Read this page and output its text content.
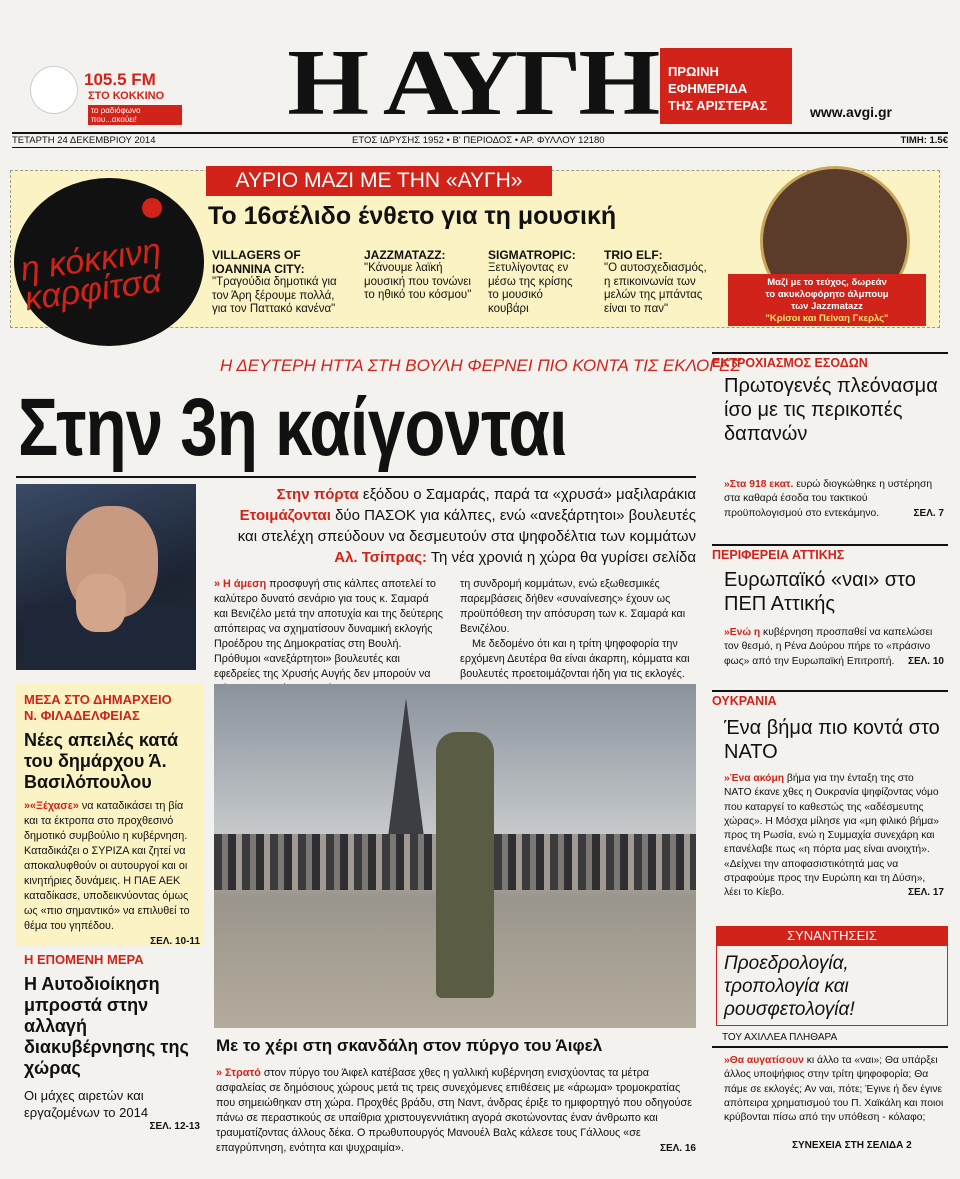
105.5 FM
ΣΤΟ ΚΟΚΚΙΝΟ
το ραδιόφωνο που...ακούει!	Η ΑΥΓΗ ΠΡΩΙΝΗ
ΕΦΗΜΕΡΙΔΑ
ΤΗΣ ΑΡΙΣΤΕΡΑΣ	www.avgi.gr
ΤΕΤΑΡΤΗ 24 ΔΕΚΕΜΒΡΙΟΥ 2014	ΕΤΟΣ ΙΔΡΥΣΗΣ 1952 • Β' ΠΕΡΙΟΔΟΣ • ΑΡ. ΦΥΛΛΟΥ 12180	ΤΙΜΗ: 1.5€
η κόκκινη καρφίτσα
ΑΥΡΙΟ ΜΑΖΙ ΜΕ ΤΗΝ «ΑΥΓΗ»
Το 16σέλιδο ένθετο για τη μουσική
VILLAGERS OF IOANNINA CITY:
"Τραγούδια δημοτικά για τον Άρη ξέρουμε πολλά, για τον Παττακό κανένα"
JAZZMATAZZ:
"Κάνουμε λαϊκή μουσική που τονώνει το ηθικό του κόσμου"
SIGMATROPIC:
Ξετυλίγοντας εν μέσω της κρίσης το μουσικό κουβάρι
TRIO ELF:
"Ο αυτοσχεδιασμός, η επικοινωνία των μελών της μπάντας είναι το παν"
Μαζί με το τεύχος, δωρεάν
το ακυκλοφόρητο άλμπουμ
των Jazzmatazz
"Κρίσοι και Πείναη Γκερλς"
Η ΔΕΥΤΕΡΗ ΗΤΤΑ ΣΤΗ ΒΟΥΛΗ ΦΕΡΝΕΙ ΠΙΟ ΚΟΝΤΑ ΤΙΣ ΕΚΛΟΓΕΣ
Στην 3η καίγονται
Στην πόρτα εξόδου ο Σαμαράς, παρά τα «χρυσά» μαξιλαράκια
Ετοιμάζονται δύο ΠΑΣΟΚ για κάλπες, ενώ «ανεξάρτητοι» βουλευτές
και στελέχη σπεύδουν να δεσμευτούν στα ψηφοδέλτια των κομμάτων
Αλ. Τσίπρας: Τη νέα χρονιά η χώρα θα γυρίσει σελίδα
» Η άμεση προσφυγή στις κάλπες αποτελεί το καλύτερο δυνατό σενάριο για τους κ. Σαμαρά και Βενιζέλο μετά την αποτυχία και της δεύτερης απόπειρας να σχηματίσουν δυναμική εκλογής Προέδρου της Δημοκρατίας στη Βουλή. Πρόθυμοι «ανεξάρτητοι» βουλευτές και εφεδρείες της Χρυσής Αυγής δεν μπορούν να
τη συνδρομή κομμάτων, ενώ εξωθεσμικές παρεμβάσεις δήθεν «συναίνεσης» έχουν ως προϋπόθεση την απόσυρση των κ. Σαμαρά και Βενιζέλου.
Με δεδομένο ότι και η τρίτη ψηφοφορία την ερχόμενη Δευτέρα θα είναι άκαρπη, κόμματα και βουλευτές προετοιμάζονται ήδη για τις εκλογές.
Με το χέρι στη σκανδάλη στον πύργο του Άιφελ
» Στρατό στον πύργο του Άιφελ κατέβασε χθες η γαλλική κυβέρνηση ενισχύοντας τα μέτρα ασφαλείας σε δημόσιους χώρους μετά τις τρεις συνεχόμενες επιθέσεις με «άρωμα» τρομοκρατίας που σημειώθηκαν στη χώρα. Προχθές βράδυ, στη Ναντ, άνδρας έριξε το ημιφορτηγό που οδηγούσε πάνω σε περαστικούς σε υπαίθρια χριστουγεννιάτικη αγορά σκοτώνοντας έναν άνθρωπο και τραυματίζοντας άλλους δέκα. Ο πρωθυπουργός Μανουέλ Βαλς κάλεσε τους Γάλλους «σε επαγρύπνηση, ενότητα και ψυχραιμία».	ΣΕΛ. 16
ΜΕΣΑ ΣΤΟ ΔΗΜΑΡΧΕΙΟ
Ν. ΦΙΛΑΔΕΛΦΕΙΑΣ
Νέες απειλές κατά του δημάρχου Ά. Βασιλόπουλου
»«Ξέχασε» να καταδικάσει τη βία και τα έκτροπα στο προχθεσινό δημοτικό συμβούλιο η κυβέρνηση. Καταδικάζει ο ΣΥΡΙΖΑ και ζητεί να αποκαλυφθούν οι αυτουργοί και οι κινητήριες δυνάμεις. Η ΠΑΕ ΑΕΚ καταδίκασε, υποδεικνύοντας όμως ως «πιο σημαντικό» να επιλυθεί το θέμα του γηπέδου.
ΣΕΛ. 10-11
Η ΕΠΟΜΕΝΗ ΜΕΡΑ
Η Αυτοδιοίκηση μπροστά στην αλλαγή διακυβέρνησης της χώρας
Οι μάχες αιρετών και εργαζομένων το 2014
ΣΕΛ. 12-13
ΕΚΤΡΟΧΙΑΣΜΟΣ ΕΣΟΔΩΝ
Πρωτογενές πλεόνασμα ίσο με τις περικοπές δαπανών
»Στα 918 εκατ. ευρώ διογκώθηκε η υστέρηση στα καθαρά έσοδα του τακτικού προϋπολογισμού στο εντεκάμηνο.	ΣΕΛ. 7
ΠΕΡΙΦΕΡΕΙΑ ΑΤΤΙΚΗΣ
Ευρωπαϊκό «ναι» στο ΠΕΠ Αττικής
»Ενώ η κυβέρνηση προσπαθεί να καπελώσει τον θεσμό, η Ρένα Δούρου πήρε το «πράσινο φως» από την Ευρωπαϊκή Επιτροπή. ΣΕΛ. 10
ΟΥΚΡΑΝΙΑ
Ένα βήμα πιο κοντά στο ΝΑΤΟ
»Ένα ακόμη βήμα για την ένταξη της στο ΝΑΤΟ έκανε χθες η Ουκρανία ψηφίζοντας νόμο που καταργεί το καθεστώς της «αδέσμευτης χώρας». Η Μόσχα μίλησε για «μη φιλικό βήμα» προς τη Ρωσία, ενώ η Συμμαχία συνεχάρη και επανέλαβε πως «η πόρτα μας είναι ανοιχτή». «Δείχνει την αποφασιστικότητά μας να στραφούμε προς την Ευρώπη και τη Δύση», λέει το Κίεβο.	ΣΕΛ. 17
ΣΥΝΑΝΤΗΣΕΙΣ
Προεδρολογία, τροπολογία και ρουσφετολογία!
ΤΟΥ ΑΧΙΛΛΕΑ ΠΛΗΘΑΡΑ
»Θα αυγατίσουν κι άλλο τα «ναι»; Θα υπάρξει άλλος υποψήφιος στην τρίτη ψηφοφορία; Θα πάμε σε εκλογές; Αν ναι, πότε; Έγινε ή δεν έγινε απόπειρα χρηματισμού του Π. Χαϊκάλη και ποιοι κρύβονται πίσω από την υπόθεση - κόλαφο;
ΣΥΝΕΧΕΙΑ ΣΤΗ ΣΕΛΙΔΑ 2
